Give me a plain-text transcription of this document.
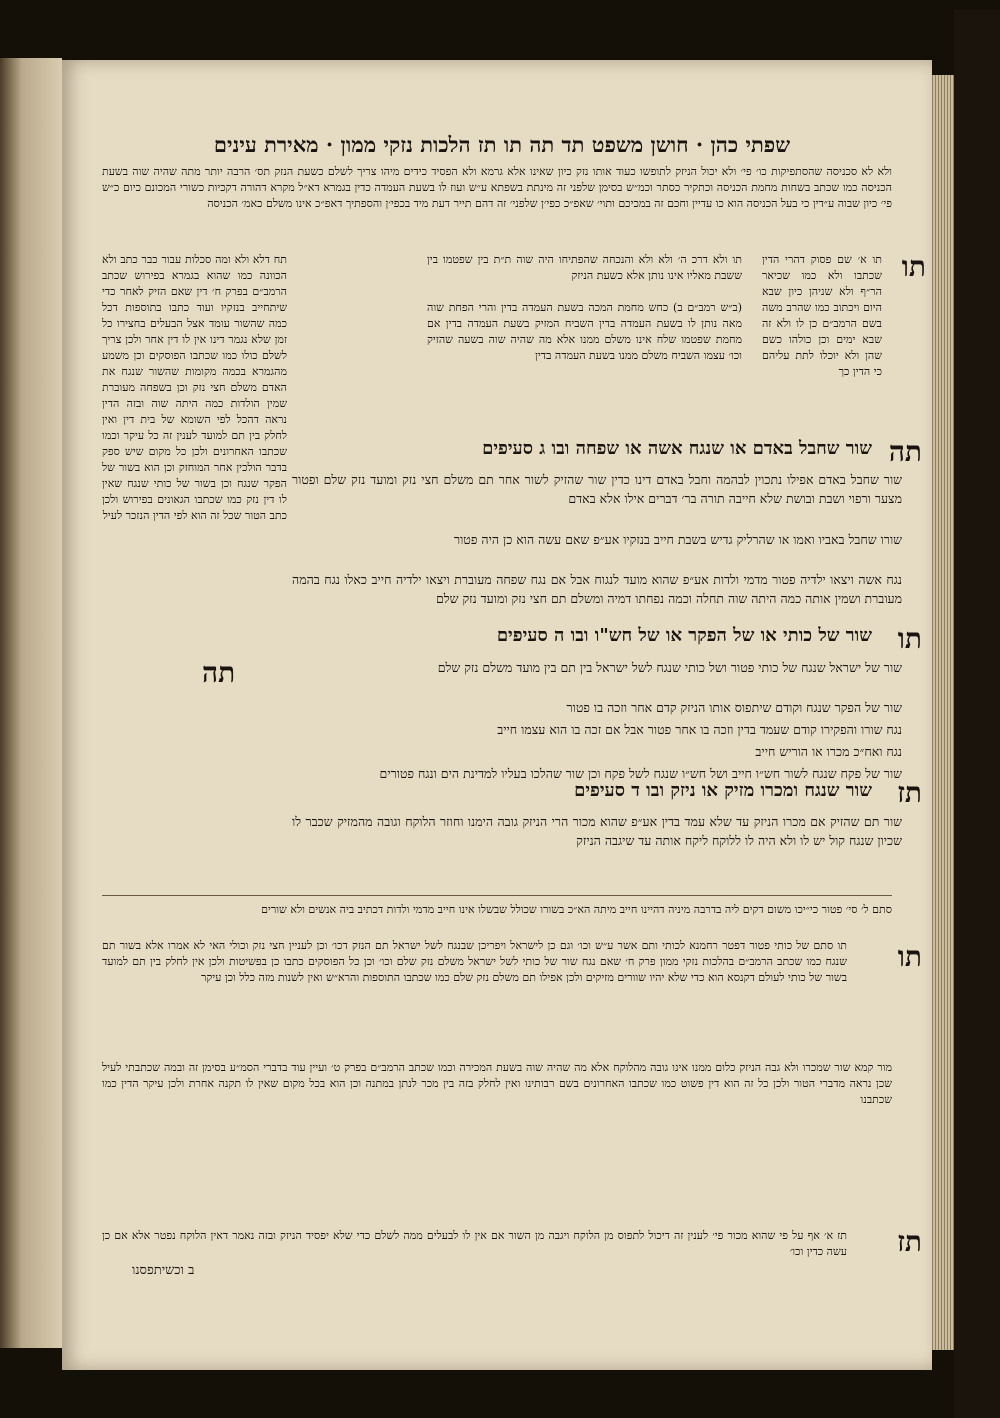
שפתי כהן · חושן משפט תד תה תו תז הלכות נזקי ממון · מאירת עינים

ולא לא סכניסה שהסתפיקות כו׳ פי׳ ולא יכול הניזק לתופשו כעוד אותו נזק כיון שאינו אלא גרמא ולא הפסיד כידים מיהו צריך לשלם כשעת הנזק תס׳ הרבה יותר מתה שהיה שוה בשעת הכניסה כמו שכתב בשחות מחמת הכניסה וכתקיר כסתר וכמ״ש בסימן שלפני זה מינתת בשפתא ע״ש ועוז לו בשעת העמדה כדין בגמרא דא״ל מקרא דהורה דקכיות כשורי המכונם כיום כ״ש פי׳ כיון שבוה ע״דין כי בעל הכניסה הוא כו עדיין וחכם זה במכיכם ותוי׳ שאפ״כ כפי׳ן שלפני׳ זה דהם תייר דעת מיד בכפי׳ן והספתיך דאפ״כ אינו משלם כאמ׳ הכניסה

תו

תו א׳ שם פסוק דהרי הדין שכתבו ולא כמו שכיאר הר״ף ולא שניהן כיון שבא היום ויכתוב כמו שהרב משה בשם הרמב״ם כן לו ולא זה שבא ימים וכן כולהו כשם שהן ולא יוכלו לתת עליהם כי הדין כך

תו ולא דרכ ה׳ ולא ולא והנכחה שהפתיחו היה שוה ת״ת בין שפטמו בין ששבת מאליו אינו נותן אלא כשעת הניזק

(ב״ש רמב״ם ב) כחש מחמת המכה בשעת העמדה בדין והרי הפחת שוה מאה נותן לו בשעת העמדה בדין השביח המזיק בשעת העמדה בדין אם מחמת שפטמו שלח אינו משלם ממנו אלא מה שהיה שוה בשעה שהזיק וכו׳ עצמו השביח משלם ממנו בשעת העמדה בדין

תח דלא ולא ומה סכלות עבור כבר כתב ולא הכוונה כמו שהוא בגמרא בפירוש שכתב הרמב״ם בפרק ח׳ דין שאם הזיק לאחר כדי שיתחייב בנזקיו ועוד כתבו בתוספות דכל כמה שהשור עומד אצל הבעלים בחצירו כל זמן שלא נגמר דינו אין לו דין אחר ולכן צריך לשלם כולו כמו שכתבו הפוסקים וכן משמע מהגמרא בכמה מקומות שהשור שנגח את האדם משלם חצי נזק וכן בשפחה מעוברת שמין הולדות כמה היתה שוה ובזה הדין נראה דהכל לפי השומא של בית דין ואין לחלק בין תם למועד לענין זה כל עיקר וכמו שכתבו האחרונים ולכן כל מקום שיש ספק בדבר הולכין אחר המוחזק וכן הוא בשור של הפקר שנגח וכן בשור של כותי שנגח שאין לו דין נזק כמו שכתבו הגאונים בפירוש ולכן כתב הטור שכל זה הוא לפי הדין הנזכר לעיל

תה
תה
שור שחבל באדם או שנגח אשה או שפחה ובו ג סעיפים

שור שחבל באדם אפילו נתכוין לבהמה וחבל באדם דינו כדין שור שהזיק לשור אחר תם משלם חצי נזק ומועד נזק שלם ופטור מצער ורפוי ושבת ובושת שלא חייבה תורה בר׳ דברים אילו אלא באדם

שורו שחבל באביו ואמו או שהרליק גדיש בשבת חייב בנזקיו אע״פ שאם עשה הוא כן היה פטור

נגח אשה ויצאו ילדיה פטור מדמי ולדות אע״פ שהוא מועד לנגוח אבל אם נגח שפחה מעוברת ויצאו ילדיה חייב כאלו נגח בהמה מעוברת ושמין אותה כמה היתה שוה תחלה וכמה נפחתו דמיה ומשלם תם חצי נזק ומועד נזק שלם

תו
שור של כותי או של הפקר או של חש"ו ובו ה סעיפים

שור של ישראל שנגח של כותי פטור ושל כותי שנגח לשל ישראל בין תם בין מועד משלם נזק שלם

שור של הפקר שנגח וקודם שיתפוס אותו הניזק קדם אחר וזכה בו פטור

נגח שורו והפקירו קודם שעמד בדין וזכה בו אחר פטור אבל אם זכה בו הוא עצמו חייב

נגח ואח״כ מכרו או הוריש חייב

שור של פקח שנגח לשור חש״ו חייב ושל חש״ו שנגח לשל פקח וכן שור שהלכו בעליו למדינת הים ונגח פטורים

תז
שור שנגח ומכרו מזיק או ניזק ובו ד סעיפים

שור תם שהזיק אם מכרו הניזק עד שלא עמד בדין אע״פ שהוא מכור הרי הניזק גובה הימנו וחוזר הלוקח וגובה מהמזיק שכבר לו שכיון שנגח קול יש לו ולא היה לו ללוקח ליקח אותה עד שיגבה הניזק

סתם ל׳ סי׳ פטור כי״יכו משום דקים ליה בדרבה מיניה דהיינו חייב מיתה הא״כ בשורו שכולל שבשלו אינו חייב מדמי ולדות דכתיב ביה אנשים ולא שורים

תו

תו סתם של כותי פטור דפטר רחמנא לכותי ותם אשר ע״ש וכו׳ וגם כן לישראל ויפריכן שבנגח לשל ישראל תם הנזק דכו׳ וכן לעניין חצי נזק וכולי האי לא אמרו אלא בשור תם שנגח כמו שכתב הרמב״ם בהלכות נזקי ממון פרק ח׳ שאם נגח שור של כותי לשל ישראל משלם נזק שלם וכו׳ וכן כל הפוסקים כתבו כן בפשיטות ולכן אין לחלק בין תם למועד בשור של כותי לעולם דקנסא הוא כדי שלא יהיו שוורים מזיקים ולכן אפילו תם משלם נזק שלם כמו שכתבו התוספות והרא״ש ואין לשנות מזה כלל וכן עיקר

מור קמא שור שמכרו ולא גבה הניזק כלום ממנו אינו גובה מהלוקח אלא מה שהיה שוה בשעת המכירה וכמו שכתב הרמב״ם בפרק ט׳ ועיין עוד בדברי הסמ״ע בסימן זה ובמה שכתבתי לעיל שכן נראה מדברי הטור ולכן כל זה הוא דין פשוט כמו שכתבו האחרונים בשם רבותינו ואין לחלק בזה בין מכר לנתן במתנה וכן הוא בכל מקום שאין לו תקנה אחרת ולכן עיקר הדין כמו שכתבנו

תז

תז א׳ אף על פי שהוא מכור פי׳ לענין זה דיכול לתפוס מן הלוקח ויגבה מן השור אם אין לו לבעלים ממה לשלם כדי שלא יפסיד הניזק ובזה נאמר דאין הלוקח נפטר אלא אם כן עשה כדין וכו׳

ב וכשיתפסנו
